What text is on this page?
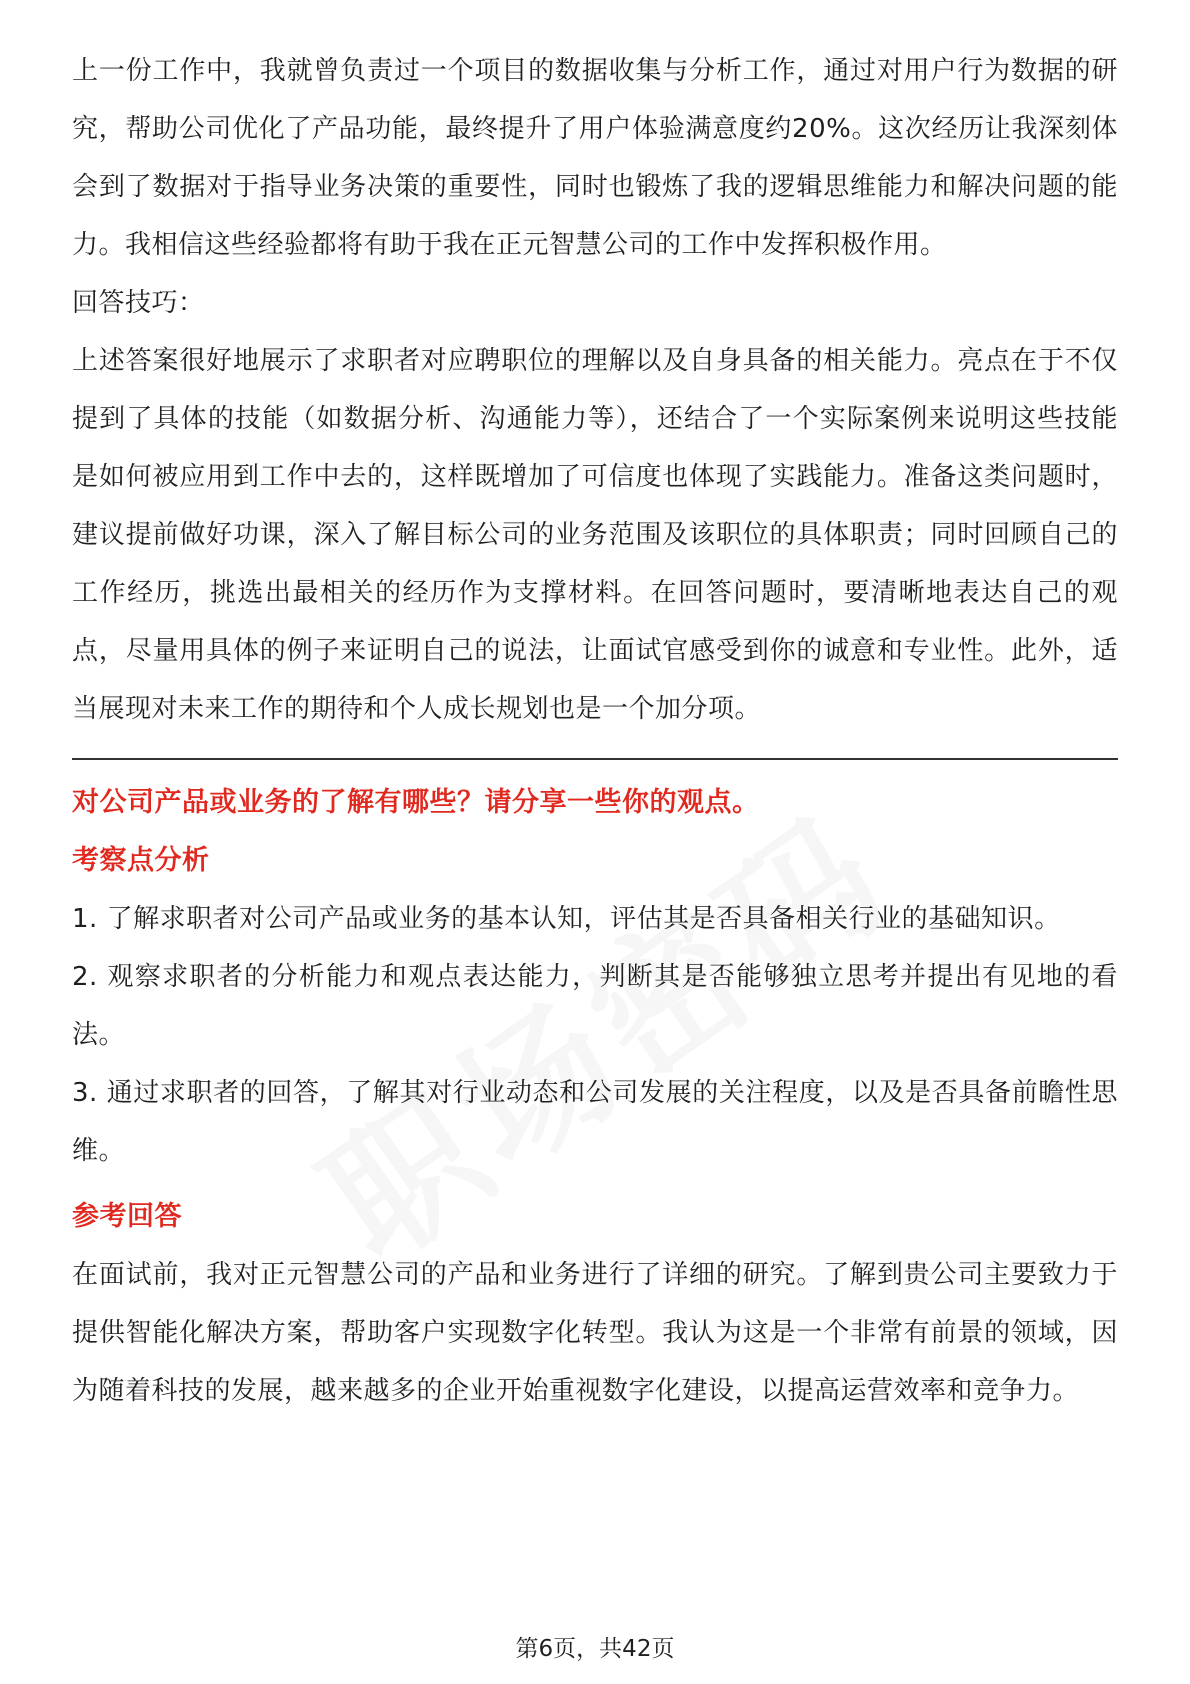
上一份工作中，我就曾负责过一个项目的数据收集与分析工作，通过对用户行为数据的研究，帮助公司优化了产品功能，最终提升了用户体验满意度约20%。这次经历让我深刻体会到了数据对于指导业务决策的重要性，同时也锻炼了我的逻辑思维能力和解决问题的能力。我相信这些经验都将有助于我在正元智慧公司的工作中发挥积极作用。

回答技巧：

上述答案很好地展示了求职者对应聘职位的理解以及自身具备的相关能力。亮点在于不仅提到了具体的技能（如数据分析、沟通能力等），还结合了一个实际案例来说明这些技能是如何被应用到工作中去的，这样既增加了可信度也体现了实践能力。准备这类问题时，建议提前做好功课，深入了解目标公司的业务范围及该职位的具体职责；同时回顾自己的工作经历，挑选出最相关的经历作为支撑材料。在回答问题时，要清晰地表达自己的观点，尽量用具体的例子来证明自己的说法，让面试官感受到你的诚意和专业性。此外，适当展现对未来工作的期待和个人成长规划也是一个加分项。

对公司产品或业务的了解有哪些？请分享一些你的观点。

考察点分析

1. 了解求职者对公司产品或业务的基本认知，评估其是否具备相关行业的基础知识。

2. 观察求职者的分析能力和观点表达能力，判断其是否能够独立思考并提出有见地的看法。

3. 通过求职者的回答，了解其对行业动态和公司发展的关注程度，以及是否具备前瞻性思维。

参考回答

在面试前，我对正元智慧公司的产品和业务进行了详细的研究。了解到贵公司主要致力于提供智能化解决方案，帮助客户实现数字化转型。我认为这是一个非常有前景的领域，因为随着科技的发展，越来越多的企业开始重视数字化建设，以提高运营效率和竞争力。

第6页，共42页
